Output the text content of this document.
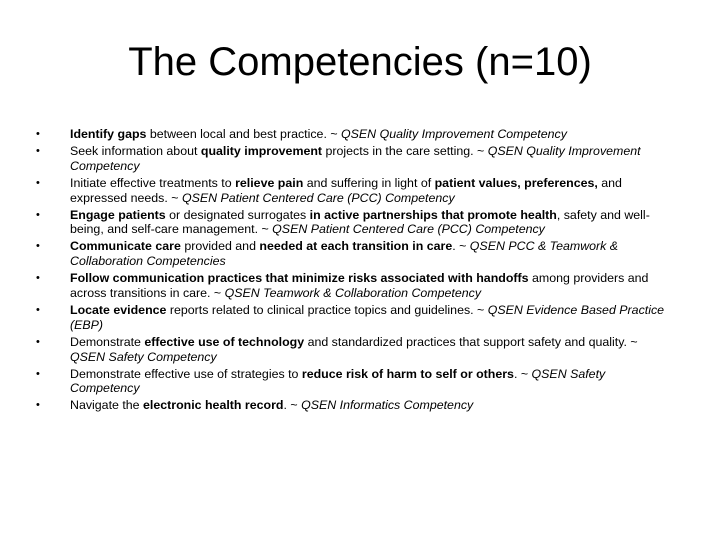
The Competencies (n=10)
•	Identify gaps between local and best practice. ~ QSEN Quality Improvement Competency
•	Seek information about quality improvement projects in the care setting. ~ QSEN Quality Improvement Competency
•	Initiate effective treatments to relieve pain and suffering in light of patient values, preferences, and expressed needs. ~ QSEN Patient Centered Care (PCC) Competency
•	Engage patients or designated surrogates in active partnerships that promote health, safety and well-being, and self-care management. ~ QSEN Patient Centered Care (PCC) Competency
•	Communicate care provided and needed at each transition in care. ~ QSEN PCC & Teamwork & Collaboration Competencies
•	Follow communication practices that minimize risks associated with handoffs among providers and across transitions in care. ~ QSEN Teamwork & Collaboration Competency
•	Locate evidence reports related to clinical practice topics and guidelines. ~ QSEN Evidence Based Practice (EBP)
•	Demonstrate effective use of technology and standardized practices that support safety and quality. ~ QSEN Safety Competency
•	Demonstrate effective use of strategies to reduce risk of harm to self or others. ~ QSEN Safety Competency
•	Navigate the electronic health record. ~ QSEN Informatics Competency
